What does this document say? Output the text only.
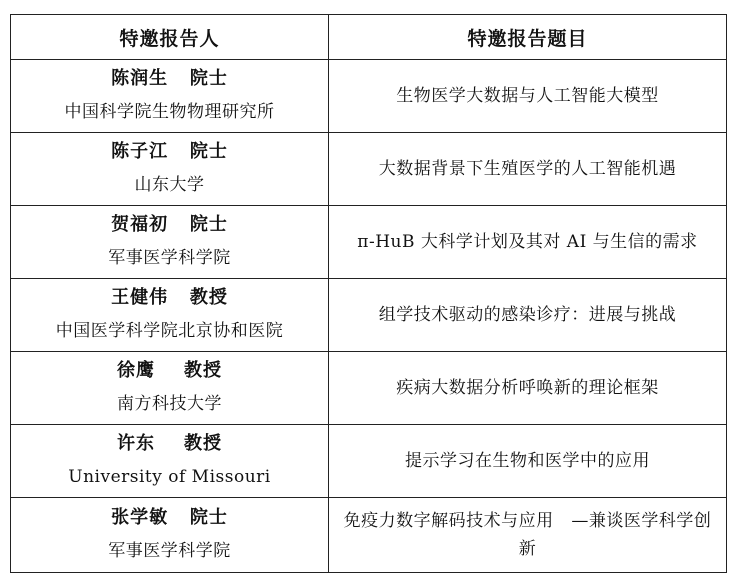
特邀报告人	特邀报告题目

陈润生   院士
中国科学院生物物理研究所	生物医学大数据与人工智能大模型

陈子江   院士
山东大学	大数据背景下生殖医学的人工智能机遇

贺福初   院士
军事医学科学院	π-HuB 大科学计划及其对 AI 与生信的需求

王健伟   教授
中国医学科学院北京协和医院	组学技术驱动的感染诊疗：进展与挑战

徐鹰    教授
南方科技大学	疾病大数据分析呼唤新的理论框架

许东    教授
University of Missouri	提示学习在生物和医学中的应用

张学敏   院士
军事医学科学院	免疫力数字解码技术与应用   —兼谈医学科学创新
